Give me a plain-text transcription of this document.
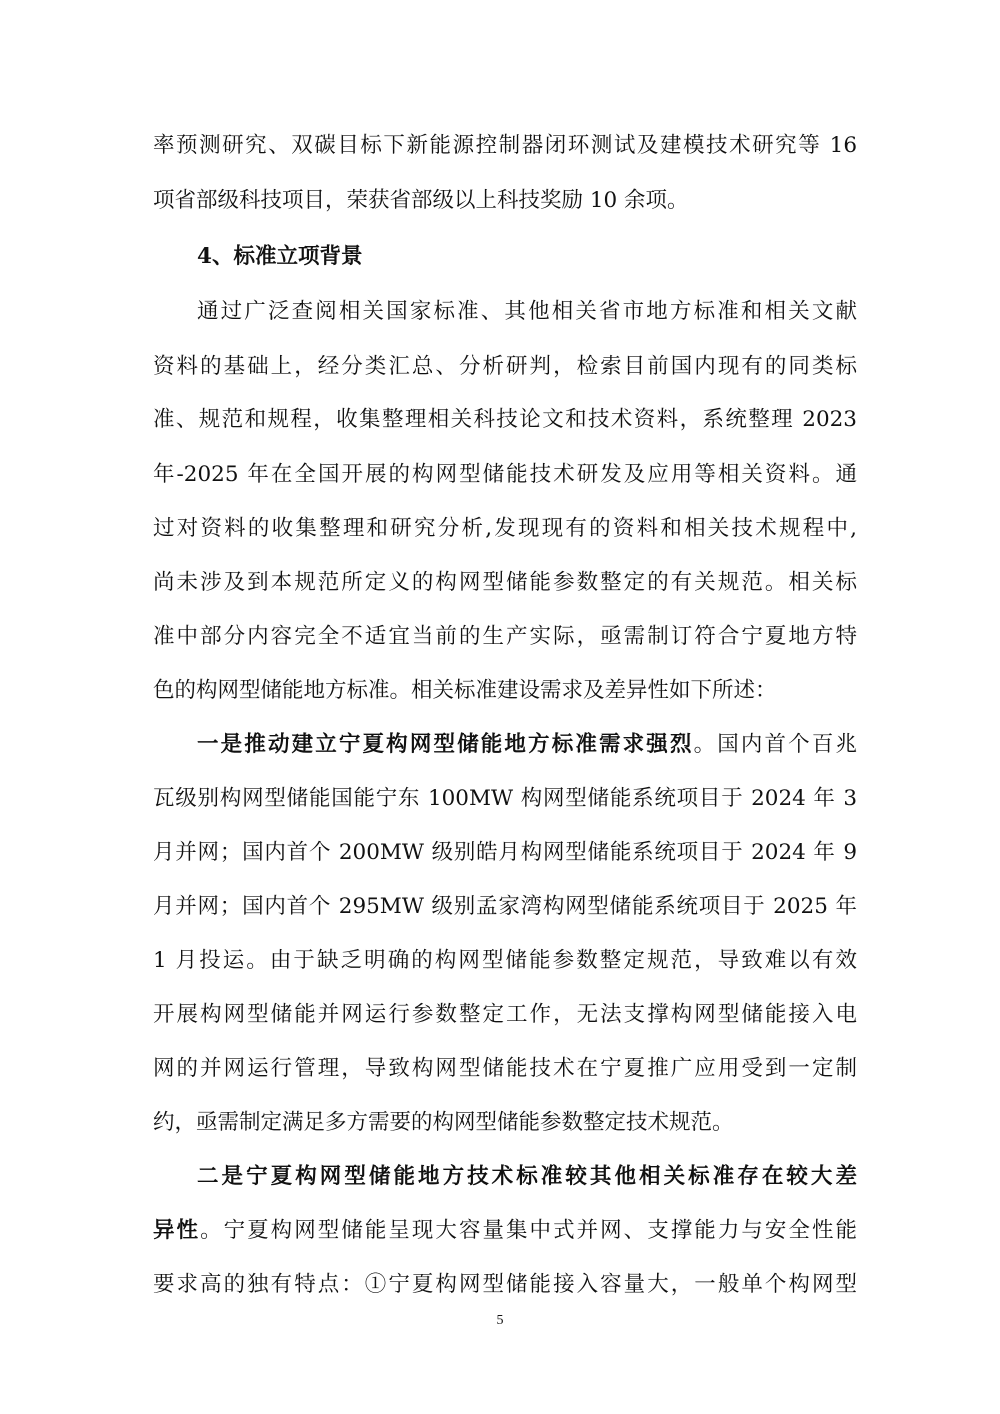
率预测研究、双碳目标下新能源控制器闭环测试及建模技术研究等 16
项省部级科技项目，荣获省部级以上科技奖励 10 余项。
4、标准立项背景
通过广泛查阅相关国家标准、其他相关省市地方标准和相关文献
资料的基础上，经分类汇总、分析研判，检索目前国内现有的同类标
准、规范和规程，收集整理相关科技论文和技术资料，系统整理 2023
年-2025 年在全国开展的构网型储能技术研发及应用等相关资料。通
过对资料的收集整理和研究分析,发现现有的资料和相关技术规程中,
尚未涉及到本规范所定义的构网型储能参数整定的有关规范。相关标
准中部分内容完全不适宜当前的生产实际，亟需制订符合宁夏地方特
色的构网型储能地方标准。相关标准建设需求及差异性如下所述：
一是推动建立宁夏构网型储能地方标准需求强烈。国内首个百兆
瓦级别构网型储能国能宁东 100MW 构网型储能系统项目于 2024 年 3
月并网；国内首个 200MW 级别皓月构网型储能系统项目于 2024 年 9
月并网；国内首个 295MW 级别孟家湾构网型储能系统项目于 2025 年
1 月投运。由于缺乏明确的构网型储能参数整定规范，导致难以有效
开展构网型储能并网运行参数整定工作，无法支撑构网型储能接入电
网的并网运行管理，导致构网型储能技术在宁夏推广应用受到一定制
约，亟需制定满足多方需要的构网型储能参数整定技术规范。
二是宁夏构网型储能地方技术标准较其他相关标准存在较大差
异性。宁夏构网型储能呈现大容量集中式并网、支撑能力与安全性能
要求高的独有特点：①宁夏构网型储能接入容量大，一般单个构网型
5
